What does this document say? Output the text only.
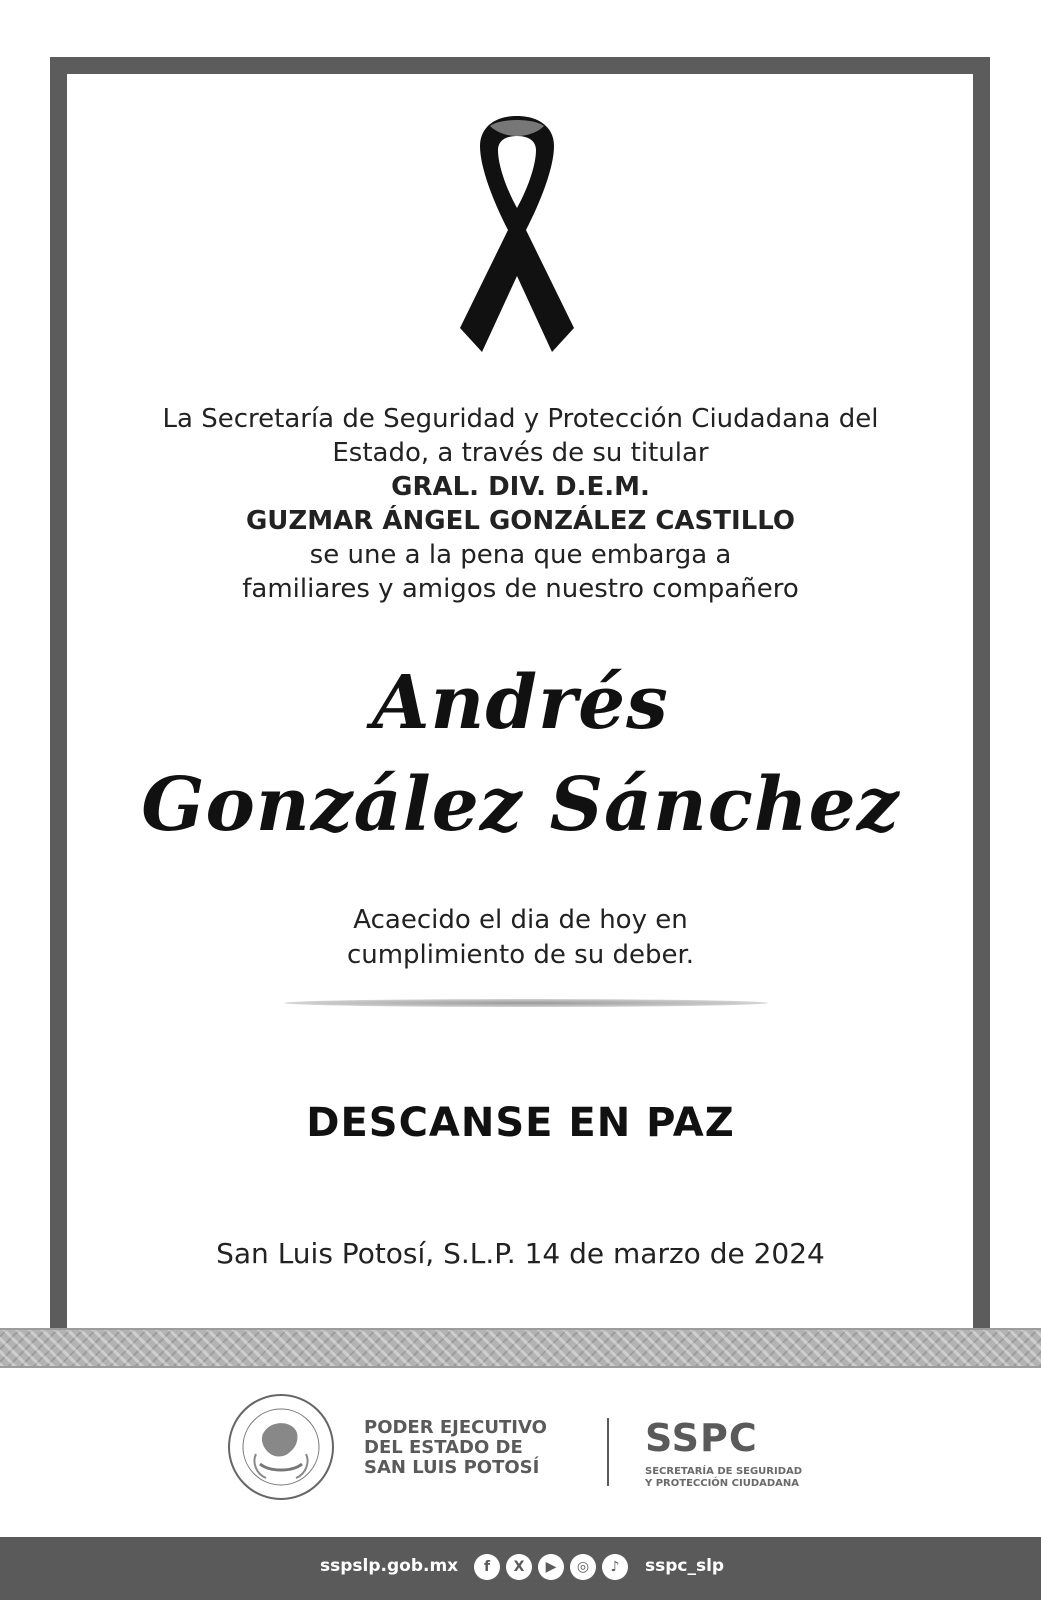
La Secretaría de Seguridad y Protección Ciudadana del
Estado, a través de su titular
GRAL. DIV. D.E.M.
GUZMAR ÁNGEL GONZÁLEZ CASTILLO
se une a la pena que embarga a
familiares y amigos de nuestro compañero
Andrés
González Sánchez
Acaecido el dia de hoy en
cumplimiento de su deber.
DESCANSE EN PAZ
San Luis Potosí, S.L.P. 14 de marzo de 2024
PODER EJECUTIVO
DEL ESTADO DE
SAN LUIS POTOSÍ
SSPC
SECRETARÍA DE SEGURIDAD
Y PROTECCIÓN CIUDADANA
sspslp.gob.mx	f	X	▶	◎	♪	sspc_slp
